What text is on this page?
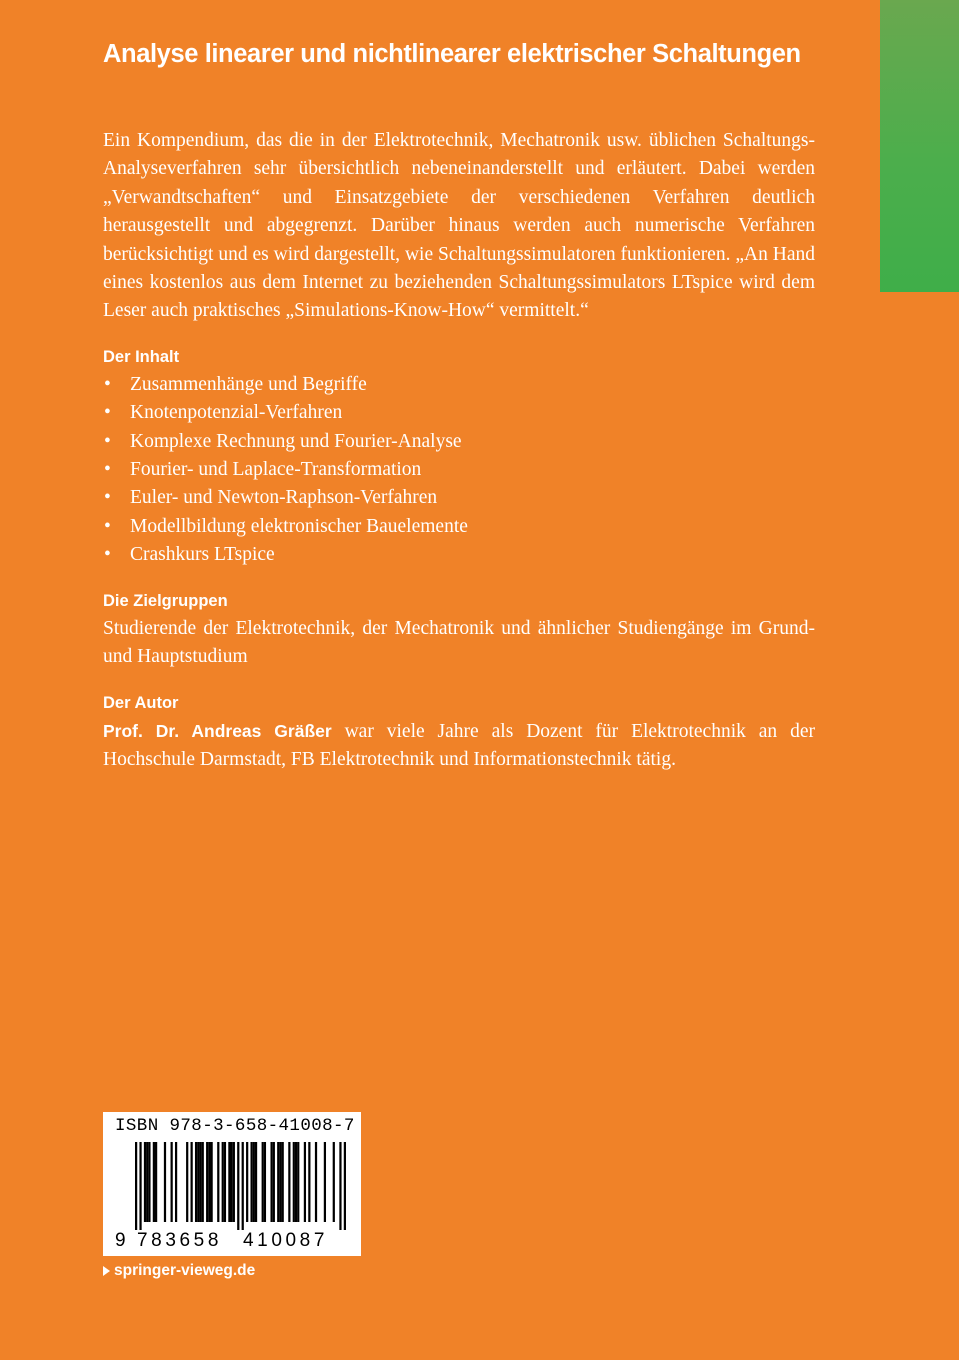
Analyse linearer und nichtlinearer elektrischer Schaltungen

Ein Kompendium, das die in der Elektrotechnik, Mechatronik usw. üblichen Schaltungs-Analyseverfahren sehr übersichtlich nebeneinanderstellt und erläutert. Dabei werden „Verwandtschaften“ und Einsatzgebiete der verschiedenen Verfahren deutlich herausgestellt und abgegrenzt. Darüber hinaus werden auch numerische Verfahren berücksichtigt und es wird dargestellt, wie Schaltungssimulatoren funktionieren. „An Hand eines kostenlos aus dem Internet zu beziehenden Schaltungssimulators LTspice wird dem Leser auch praktisches „Simulations-Know-How“ vermittelt.“

Der Inhalt
• Zusammenhänge und Begriffe
• Knotenpotenzial-Verfahren
• Komplexe Rechnung und Fourier-Analyse
• Fourier- und Laplace-Transformation
• Euler- und Newton-Raphson-Verfahren
• Modellbildung elektronischer Bauelemente
• Crashkurs LTspice
Die Zielgruppen

Studierende der Elektrotechnik, der Mechatronik und ähnlicher Studiengänge im Grund- und Hauptstudium

Der Autor

Prof. Dr. Andreas Gräßer war viele Jahre als Dozent für Elektrotechnik an der Hochschule Darmstadt, FB Elektrotechnik und Informationstechnik tätig.

ISBN 978-3-658-41008-7
9 783658 410087
springer-vieweg.de
